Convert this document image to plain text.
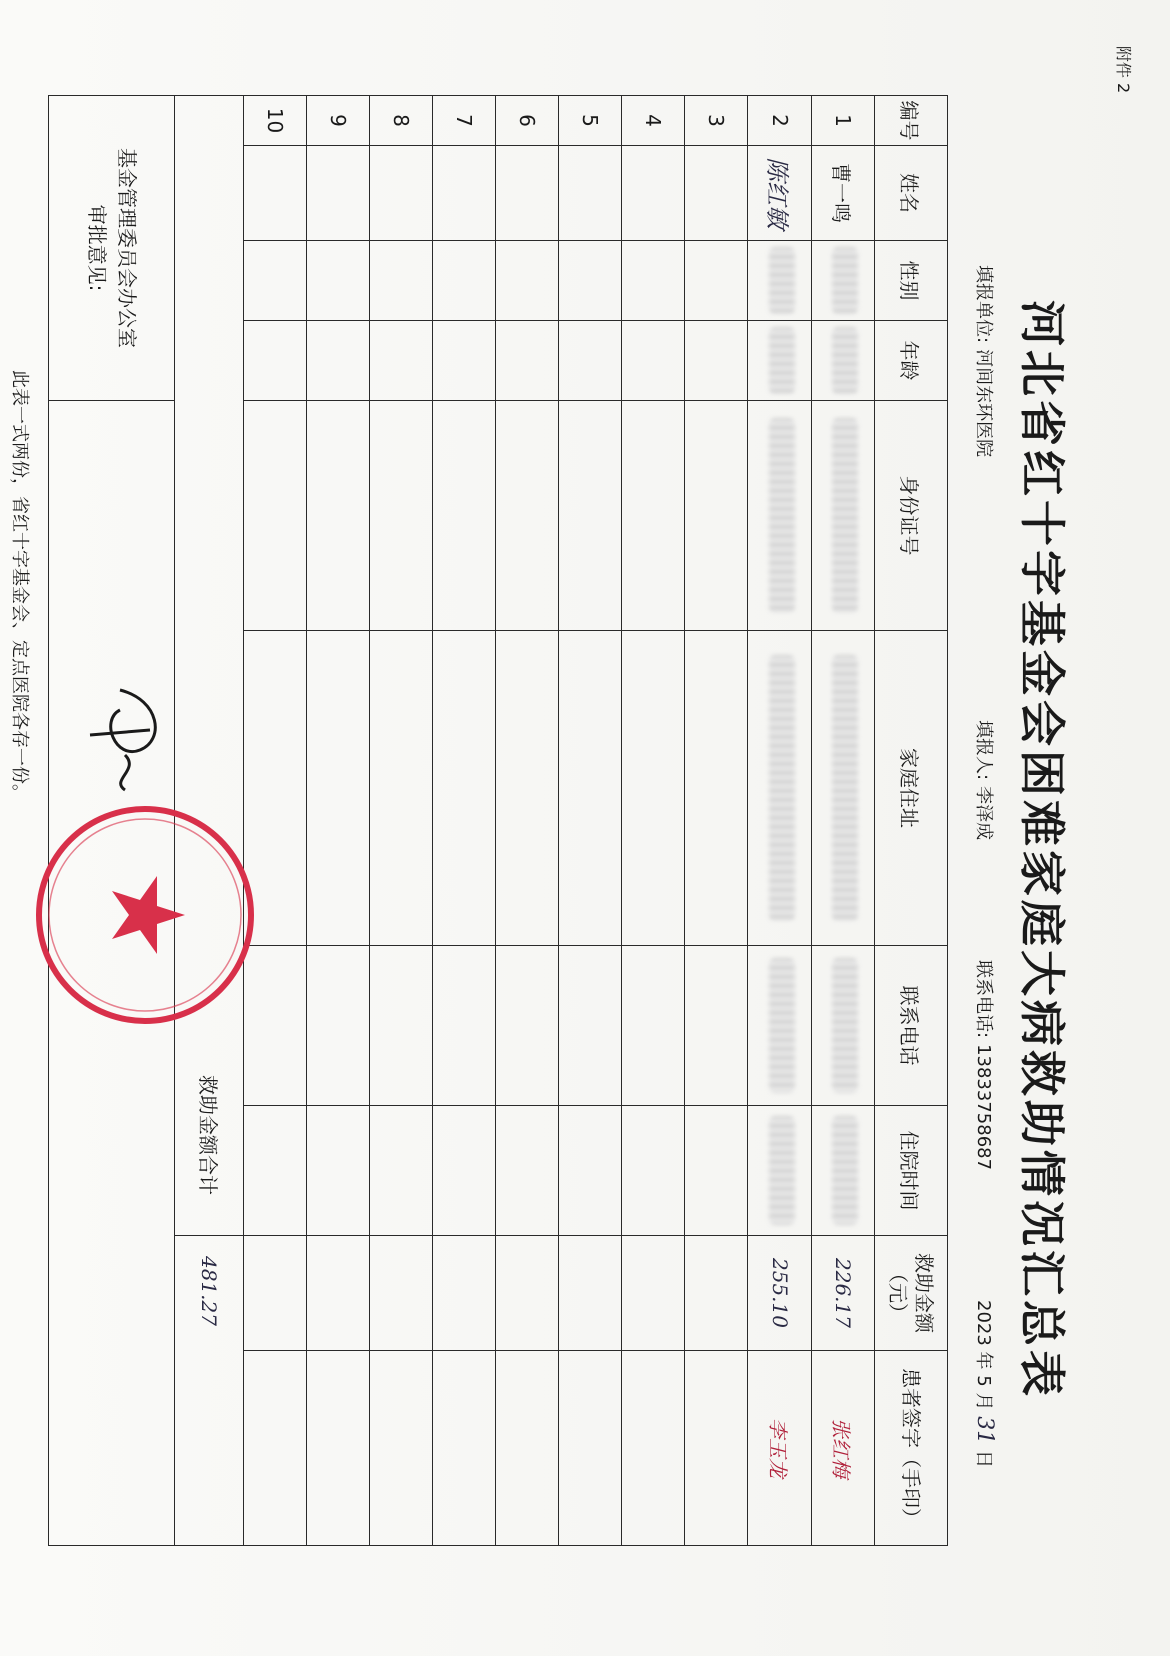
河北省红十字基金会困难家庭大病救助情况汇总表
填报单位:河间东环医院
填报人:李泽成
联系电话:13833758687
2023 年 5 月 31 日
编号	姓名	性别	年龄	身份证号	家庭住址	联系电话	住院时间	救助金额（元）	患者签字（手印）
1	曹一鸣							226.17	张红梅
2	陈红敏							255.10	李玉龙
3									
4									
5									
6									
7									
8									
9									
10									
救助金额合计								481.27	

基金管理委员会办公室
审批意见:									

此表一式两份，省红十字基金会、定点医院各存一份。
附件 2
